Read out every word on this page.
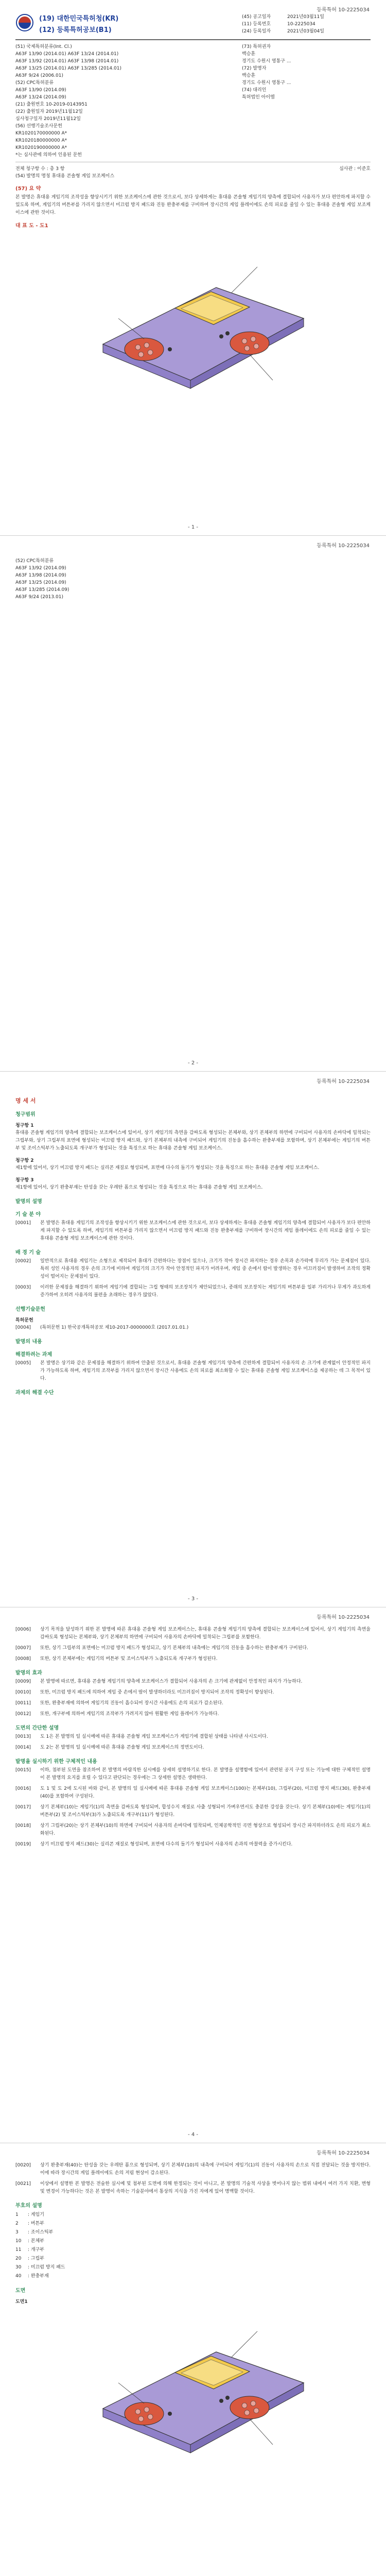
등록특허 10-2225034
(19) 대한민국특허청(KR)
(12) 등록특허공보(B1)
(45) 공고일자	2021년03월11일
(11) 등록번호	10-2225034
(24) 등록일자	2021년03월04일
(51) 국제특허분류(Int. Cl.)
A63F 13/90 (2014.01) A63F 13/24 (2014.01)
A63F 13/92 (2014.01) A63F 13/98 (2014.01)
A63F 13/25 (2014.01) A63F 13/285 (2014.01)
A63F 9/24 (2006.01)
(52) CPC특허분류
A63F 13/90 (2014.09)
A63F 13/24 (2014.09)
(21) 출원번호 10-2019-0143951
(22) 출원일자 2019년11월12일
심사청구일자 2019년11월12일
(56) 선행기술조사문헌
KR1020170000000 A*
KR1020180000000 A*
KR1020190000000 A*
*는 심사관에 의하여 인용된 문헌
(73) 특허권자
백승훈
경기도 수원시 영통구 ...
(72) 발명자
백승훈
경기도 수원시 영통구 ...
(74) 대리인
특허법인 아이엠
전체 청구항 수 : 총 3 항	심사관 : 이준호
(54) 발명의 명칭 휴대용 콘솔형 게임 보조케이스
(57) 요 약
본 발명은 휴대용 게임기의 조작성을 향상시키기 위한 보조케이스에 관한 것으로서, 보다 상세하게는 휴대용 콘솔형 게임기의 양측에 결합되어 사용자가 보다 편안하게 파지할 수 있도록 하며, 게임기의 버튼부를 가리지 않으면서 미끄럼 방지 패드와 진동 완충부재를 구비하여 장시간의 게임 플레이에도 손의 피로를 줄일 수 있는 휴대용 콘솔형 게임 보조케이스에 관한 것이다.
대 표 도 - 도1
- 1 -
등록특허 10-2225034
(52) CPC특허분류
A63F 13/92 (2014.09)
A63F 13/98 (2014.09)
A63F 13/25 (2014.09)
A63F 13/285 (2014.09)
A63F 9/24 (2013.01)
- 2 -
등록특허 10-2225034
명 세 서
청구범위
청구항 1
휴대용 콘솔형 게임기의 양측에 결합되는 보조케이스에 있어서, 상기 게임기의 측면을 감싸도록 형성되는 본체부와, 상기 본체부의 하면에 구비되어 사용자의 손바닥에 밀착되는 그립부와, 상기 그립부의 표면에 형성되는 미끄럼 방지 패드와, 상기 본체부의 내측에 구비되어 게임기의 진동을 흡수하는 완충부재를 포함하며, 상기 본체부에는 게임기의 버튼부 및 조이스틱부가 노출되도록 개구부가 형성되는 것을 특징으로 하는 휴대용 콘솔형 게임 보조케이스.
청구항 2
제1항에 있어서, 상기 미끄럼 방지 패드는 실리콘 재질로 형성되며, 표면에 다수의 돌기가 형성되는 것을 특징으로 하는 휴대용 콘솔형 게임 보조케이스.
청구항 3
제1항에 있어서, 상기 완충부재는 탄성을 갖는 우레탄 폼으로 형성되는 것을 특징으로 하는 휴대용 콘솔형 게임 보조케이스.
발명의 설명
기 술 분 야
[0001]	본 발명은 휴대용 게임기의 조작성을 향상시키기 위한 보조케이스에 관한 것으로서, 보다 상세하게는 휴대용 콘솔형 게임기의 양측에 결합되어 사용자가 보다 편안하게 파지할 수 있도록 하며, 게임기의 버튼부를 가리지 않으면서 미끄럼 방지 패드와 진동 완충부재를 구비하여 장시간의 게임 플레이에도 손의 피로를 줄일 수 있는 휴대용 콘솔형 게임 보조케이스에 관한 것이다.
배 경 기 술
[0002]	일반적으로 휴대용 게임기는 소형으로 제작되어 휴대가 간편하다는 장점이 있으나, 크기가 작아 장시간 파지하는 경우 손목과 손가락에 무리가 가는 문제점이 있다. 특히 성인 사용자의 경우 손의 크기에 비하여 게임기의 크기가 작아 안정적인 파지가 어려우며, 게임 중 손에서 땀이 발생하는 경우 미끄러짐이 발생하여 조작의 정확성이 떨어지는 문제점이 있다.
[0003]	이러한 문제점을 해결하기 위하여 게임기에 결합되는 그립 형태의 보조장치가 제안되었으나, 종래의 보조장치는 게임기의 버튼부를 일부 가리거나 무게가 과도하게 증가하여 오히려 사용자의 불편을 초래하는 경우가 많았다.
선행기술문헌
특허문헌
[0004]	(특허문헌 1) 한국공개특허공보 제10-2017-0000000호 (2017.01.01.)
발명의 내용
해결하려는 과제
[0005]	본 발명은 상기와 같은 문제점을 해결하기 위하여 안출된 것으로서, 휴대용 콘솔형 게임기의 양측에 간편하게 결합되어 사용자의 손 크기에 관계없이 안정적인 파지가 가능하도록 하며, 게임기의 조작부를 가리지 않으면서 장시간 사용에도 손의 피로를 최소화할 수 있는 휴대용 콘솔형 게임 보조케이스를 제공하는 데 그 목적이 있다.
과제의 해결 수단
- 3 -
등록특허 10-2225034
[0006]	상기 목적을 달성하기 위한 본 발명에 따른 휴대용 콘솔형 게임 보조케이스는, 휴대용 콘솔형 게임기의 양측에 결합되는 보조케이스에 있어서, 상기 게임기의 측면을 감싸도록 형성되는 본체부와, 상기 본체부의 하면에 구비되어 사용자의 손바닥에 밀착되는 그립부를 포함한다.
[0007]	또한, 상기 그립부의 표면에는 미끄럼 방지 패드가 형성되고, 상기 본체부의 내측에는 게임기의 진동을 흡수하는 완충부재가 구비된다.
[0008]	또한, 상기 본체부에는 게임기의 버튼부 및 조이스틱부가 노출되도록 개구부가 형성된다.
발명의 효과
[0009]	본 발명에 따르면, 휴대용 콘솔형 게임기의 양측에 보조케이스가 결합되어 사용자의 손 크기에 관계없이 안정적인 파지가 가능하다.
[0010]	또한, 미끄럼 방지 패드에 의하여 게임 중 손에서 땀이 발생하더라도 미끄러짐이 방지되어 조작의 정확성이 향상된다.
[0011]	또한, 완충부재에 의하여 게임기의 진동이 흡수되어 장시간 사용에도 손의 피로가 감소된다.
[0012]	또한, 개구부에 의하여 게임기의 조작부가 가려지지 않아 원활한 게임 플레이가 가능하다.
도면의 간단한 설명
[0013]	도 1은 본 발명의 일 실시예에 따른 휴대용 콘솔형 게임 보조케이스가 게임기에 결합된 상태를 나타낸 사시도이다.
[0014]	도 2는 본 발명의 일 실시예에 따른 휴대용 콘솔형 게임 보조케이스의 정면도이다.
발명을 실시하기 위한 구체적인 내용
[0015]	이하, 첨부된 도면을 참조하여 본 발명의 바람직한 실시예를 상세히 설명하기로 한다. 본 발명을 설명함에 있어서 관련된 공지 구성 또는 기능에 대한 구체적인 설명이 본 발명의 요지를 흐릴 수 있다고 판단되는 경우에는 그 상세한 설명은 생략한다.
[0016]	도 1 및 도 2에 도시된 바와 같이, 본 발명의 일 실시예에 따른 휴대용 콘솔형 게임 보조케이스(100)는 본체부(10), 그립부(20), 미끄럼 방지 패드(30), 완충부재(40)를 포함하여 구성된다.
[0017]	상기 본체부(10)는 게임기(1)의 측면을 감싸도록 형성되며, 합성수지 재질로 사출 성형되어 가벼우면서도 충분한 강성을 갖는다. 상기 본체부(10)에는 게임기(1)의 버튼부(2) 및 조이스틱부(3)가 노출되도록 개구부(11)가 형성된다.
[0018]	상기 그립부(20)는 상기 본체부(10)의 하면에 구비되어 사용자의 손바닥에 밀착되며, 인체공학적인 곡면 형상으로 형성되어 장시간 파지하더라도 손의 피로가 최소화된다.
[0019]	상기 미끄럼 방지 패드(30)는 실리콘 재질로 형성되며, 표면에 다수의 돌기가 형성되어 사용자의 손과의 마찰력을 증가시킨다.
- 4 -
등록특허 10-2225034
[0020]	상기 완충부재(40)는 탄성을 갖는 우레탄 폼으로 형성되며, 상기 본체부(10)의 내측에 구비되어 게임기(1)의 진동이 사용자의 손으로 직접 전달되는 것을 방지한다. 이에 따라 장시간의 게임 플레이에도 손의 저림 현상이 감소된다.
[0021]	이상에서 설명한 본 발명은 전술한 실시예 및 첨부된 도면에 의해 한정되는 것이 아니고, 본 발명의 기술적 사상을 벗어나지 않는 범위 내에서 여러 가지 치환, 변형 및 변경이 가능하다는 것은 본 발명이 속하는 기술분야에서 통상의 지식을 가진 자에게 있어 명백할 것이다.
부호의 설명
1	: 게임기
2	: 버튼부
3	: 조이스틱부
10	: 본체부
11	: 개구부
20	: 그립부
30	: 미끄럼 방지 패드
40	: 완충부재
도면
도면1
